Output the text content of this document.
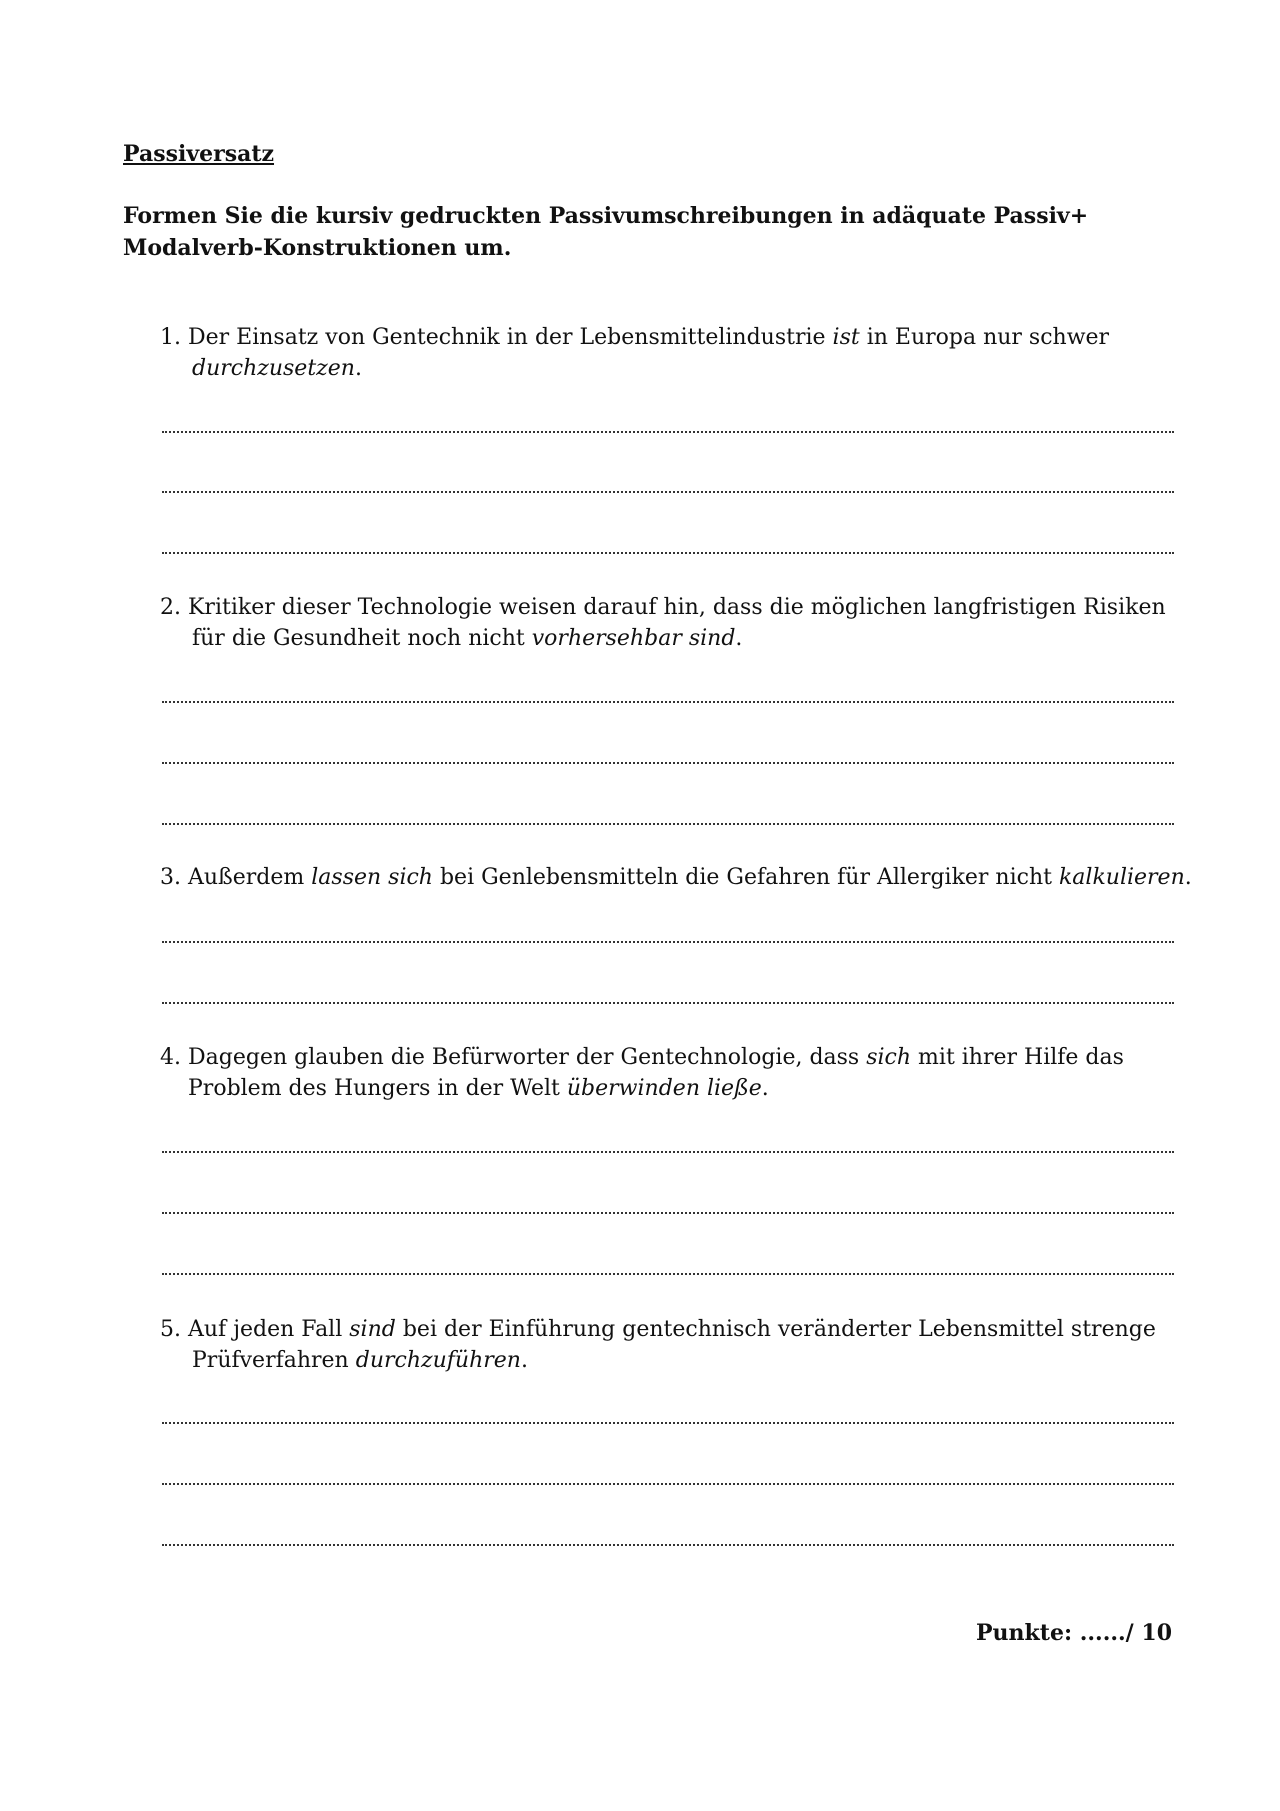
Passiversatz
Formen Sie die kursiv gedruckten Passivumschreibungen in adäquate Passiv+
Modalverb-Konstruktionen um.
1. Der Einsatz von Gentechnik in der Lebensmittelindustrie ist in Europa nur schwer
durchzusetzen.
2. Kritiker dieser Technologie weisen darauf hin, dass die möglichen langfristigen Risiken
für die Gesundheit noch nicht vorhersehbar sind.
3. Außerdem lassen sich bei Genlebensmitteln die Gefahren für Allergiker nicht kalkulieren.
4. Dagegen glauben die Befürworter der Gentechnologie, dass sich mit ihrer Hilfe das
Problem des Hungers in der Welt überwinden ließe.
5. Auf jeden Fall sind bei der Einführung gentechnisch veränderter Lebensmittel strenge
Prüfverfahren durchzuführen.
Punkte: ....../ 10
